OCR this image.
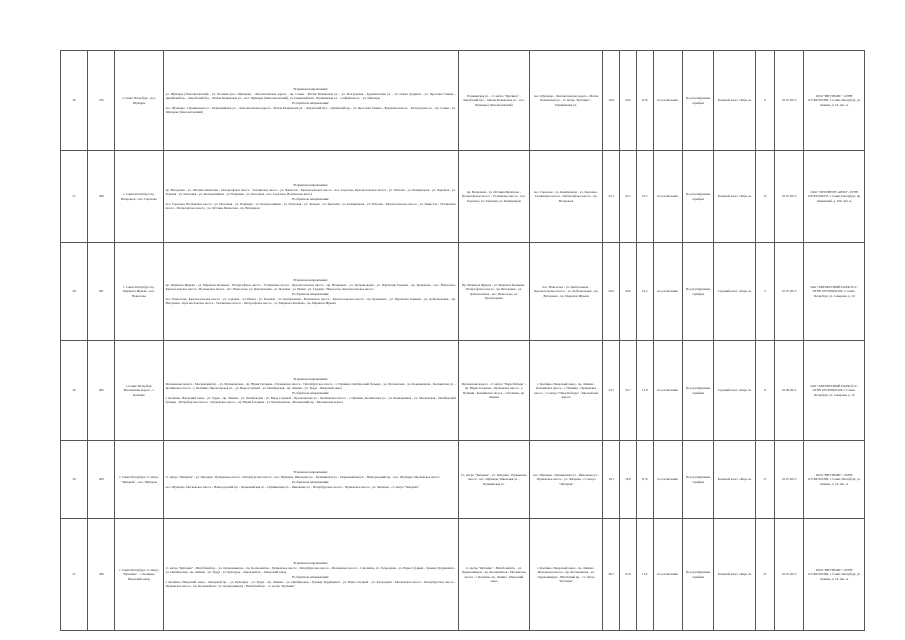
26	276	г. Санкт-Петербург - пос. Шушары	В прямом направлении:
ул. Шушары (Ленсоветовский) - ул. Полевая (пос. Шушары) - Ленсоветовская дорога - пр. Славы - Малая Балканская ул. - ул. Белградская - Будапештская ул. - ул. Олеко Дундича - ул. Ярослава Гашека - Дунайский пр. - Загребский бул. - Малая Балканская ул. - пос. Шушары (Ленсоветовский), ул. Первомайская - Пушкинская ул. - Софийская ул. - ул. Шушары
В обратном направлении:
пос. Шушары - Пушкинская ул. - Первомайская ул. - Ленсоветовская дорога - Малая Балканская ул. - Загребский бул. - Дунайский пр. - ул. Ярослава Гашека - Будапештская ул. - Белградская ул. - пр. Славы - ул. Шушары (Ленсоветовский)	Пушкинская ул. - ст. метро "Купчино" - Загребский бул. - Малая Балканская ул. - пос. Шушары (Ленсоветовский)	пос. Шушары - Ленсоветовская дорога - Малая Балканская ул. - ст. метро "Купчино" - Пушкинская ул.	19,6	20,0	9,76	по расписанию	По регулируемым тарифам	Большой класс «Евро-4»	6	01.07.2015	ООО "ВИТТРАНС", ОГРН 1137847265380, г. Санкт-Петербург, ул. Ленина, д. 10, лит. А
27	280	г. Санкт-Петербург, пр. Ветеранов - пос. Горелово	В прямом направлении:
пр. Ветеранов - ул. Лётчика Пилютова - Петергофское шоссе - Таллинское шоссе - ул. Чекистов - Красносельское шоссе - пос. Горелово, Красносельское шоссе - ул. Рабочая - ул. Коммунаров - ул. Заречная - ул. Зеленая - ул. Почтовая - ул. Кооперативная - ул. Парковая - ул. Песочная - пос. Горелово, Волхонское шоссе
В обратном направлении:
пос. Горелово, Волхонское шоссе - ул. Песочная - ул. Парковая - ул. Кооперативная - ул. Почтовая - ул. Зеленая - ул. Заречная - ул. Коммунаров - ул. Рабочая - Красносельское шоссе - ул. Чекистов - Таллинское шоссе - Петергофское шоссе - ул. Лётчика Пилютова - пр. Ветеранов	пр. Ветеранов - ул. Лётчика Пилютова - Петергофское шоссе - Таллинское шоссе - пос. Горелово, ул. Заречная, ул. Коммунаров	пос. Горелово - ул. Коммунаров - ул. Заречная - Таллинское шоссе - Петергофское шоссе - пр. Ветеранов	25,1	25,1	10,3	по расписанию	По регулируемым тарифам	Большой класс «Евро-4»	15	01.07.2015	ООО "ПЕТЕРБУРГ-АВТО", ОГРН 1037843104570, г. Санкт-Петербург, пр. Ленинский, д. 160, лит. А
28	281	г. Санкт-Петербург, пр. Маршала Жукова - пос. Новоселье	В прямом направлении:
пр. Маршала Жукова - ул. Маршала Казакова - Петергофское шоссе - Таллинское шоссе - Красносельское шоссе - пр. Ветеранов - ул. Добровольцев - ул. Партизана Германа - пр. Кузнецова - пос. Новоселье, Красносельское шоссе - Волхонское шоссе - пос. Новоселье, ул. Центральная - ул. Полевая - ул. Новая - ул. Садовая - Новоселье, Красносельское шоссе
В обратном направлении:
пос. Новоселье, Красносельское шоссе - ул. Садовая - ул. Новая - ул. Полевая - ул. Центральная - Волхонское шоссе - Красносельское шоссе - пр. Кузнецова - ул. Партизана Германа - ул. Добровольцев - пр. Ветеранов - Красносельское шоссе - Таллинское шоссе - Петергофское шоссе - ул. Маршала Казакова - пр. Маршала Жукова	Пр. Маршала Жукова - ул. Маршала Казакова - Петергофское шоссе - пр. Ветеранов - ул. Добровольцев - пос. Новоселье, ул. Центральная	пос. Новоселье - ул. Центральная - Красносельское шоссе - ул. Добровольцев - пр. Ветеранов - пр. Маршала Жукова	26,9	26,9	10,2	по расписанию	По регулируемым тарифам	Средний класс «Евро-4»	5	01.07.2015	ЗАО "АВТОБУСНЫЙ ПАРК № 6", ОГРН 1037818021560, г. Санкт-Петербург, ул. Северная, д. 10
29	282	г. Санкт-Петербург, Московские ворота - г. Колпино	В прямом направлении:
Московские ворота - Московский пр. - ул. Кузнецовская - пр. Юрия Гагарина - Пулковское шоссе - Петербургское шоссе - г. Пушкин, Октябрьский бульвар - ул. Московская - ул. Конюшенная - Колпинская ул. - Колпинское шоссе - г. Колпино, Пролетарская ул. - ул. Веры Слуцкой - ул. Октябрьская - пр. Ленина - ул. Труда - Ижорский завод
В обратном направлении:
г. Колпино, Ижорский завод - ул. Труда - пр. Ленина - ул. Октябрьская - ул. Веры Слуцкой - Пролетарская ул. - Колпинское шоссе - г. Пушкин, Колпинская ул. - ул. Конюшенная - ул. Московская - Октябрьский бульвар - Петербургское шоссе - Пулковское шоссе - пр. Юрия Гагарина - ул. Кузнецовская - Московский пр. - Московские ворота	Московские ворота - ст. метро "Парк Победы" - пр. Юрия Гагарина - Пулковское шоссе - г. Пушкин - Колпинское шоссе - г. Колпино, пр. Ленина	г. Колпино, Ижорский завод - пр. Ленина - Колпинское шоссе - г. Пушкин - Пулковское шоссе - ст. метро "Парк Победы" - Московские ворота	33,7	33,7	12,8	по расписанию	По регулируемым тарифам	Средний класс «Евро-4»	11	01.09.2012	ЗАО "АВТОБУСНЫЙ ПАРК № 6", ОГРН 1037818021560, г. Санкт-Петербург, ул. Северная, д. 10
30	283	г. Санкт-Петербург, ст. метро "Звёздная" - пос. Шушары	В прямом направлении:
ст. метро "Звёздная" - ул. Звёздная - Пулковское шоссе - Петербургское шоссе - пос. Шушары, Школьная ул. - Пушкинская ул. - Первомайская ул. - Новгородский пр. - пос. Шушары, Московское шоссе
В обратном направлении:
пос. Шушары, Московское шоссе - Новгородский пр. - Первомайская ул. - Пушкинская ул. - Школьная ул. - Петербургское шоссе - Пулковское шоссе - ул. Звёздная - ст. метро "Звёздная"	Ст. метро "Звёздная" - ул. Звёздная - Пулковское шоссе - пос. Шушары, Школьная ул. - Пушкинская ул.	пос. Шушары - Пушкинская ул. - Школьная ул. - Пулковское шоссе - ул. Звёздная - ст. метро "Звёздная"	18,1	18,9	8,70	по расписанию	По регулируемым тарифам	Большой класс «Евро-4»	17	01.07.2015	ООО "ВИТТРАНС", ОГРН 1137847265380, г. Санкт-Петербург, ул. Ленина, д. 10, лит. А
31	286	г. Санкт-Петербург, ст. метро "Купчино" - г. Колпино, Ижорский завод	В прямом направлении:
ст. метро "Купчино" - Витебский пр. - ул. Орджоникидзе - пр. Космонавтов - Пулковское шоссе - Петербургское шоссе - Московское шоссе - г. Колпино, ул. Загородная - ул. Веры Слуцкой - бульвар Трудящихся - ул. Октябрьская - пр. Ленина - ул. Труда - ул. Культуры - Заводской пр. - Ижорский завод
В обратном направлении:
г. Колпино, Ижорский завод - Заводской пр. - ул. Культуры - ул. Труда - пр. Ленина - ул. Октябрьская - бульвар Трудящихся - ул. Веры Слуцкой - ул. Загородная - Московское шоссе - Петербургское шоссе - Пулковское шоссе - пр. Космонавтов - ул. Орджоникидзе - Витебский пр. - ст. метро "Купчино"	ст. метро "Купчино" - Витебский пр. - ул. Орджоникидзе - пр. Космонавтов - Московское шоссе - г. Колпино, пр. Ленина - Ижорский завод	г. Колпино, Ижорский завод - пр. Ленина - Московское шоссе - пр. Космонавтов - ул. Орджоникидзе - Витебский пр. - ст. метро "Купчино"	28,7	27,8	11,0	по расписанию	По регулируемым тарифам	Большой класс «Евро-4»	27	01.07.2015	ООО "ВИТТРАНС", ОГРН 1137847265380, г. Санкт-Петербург, ул. Ленина, д. 10, лит. А
